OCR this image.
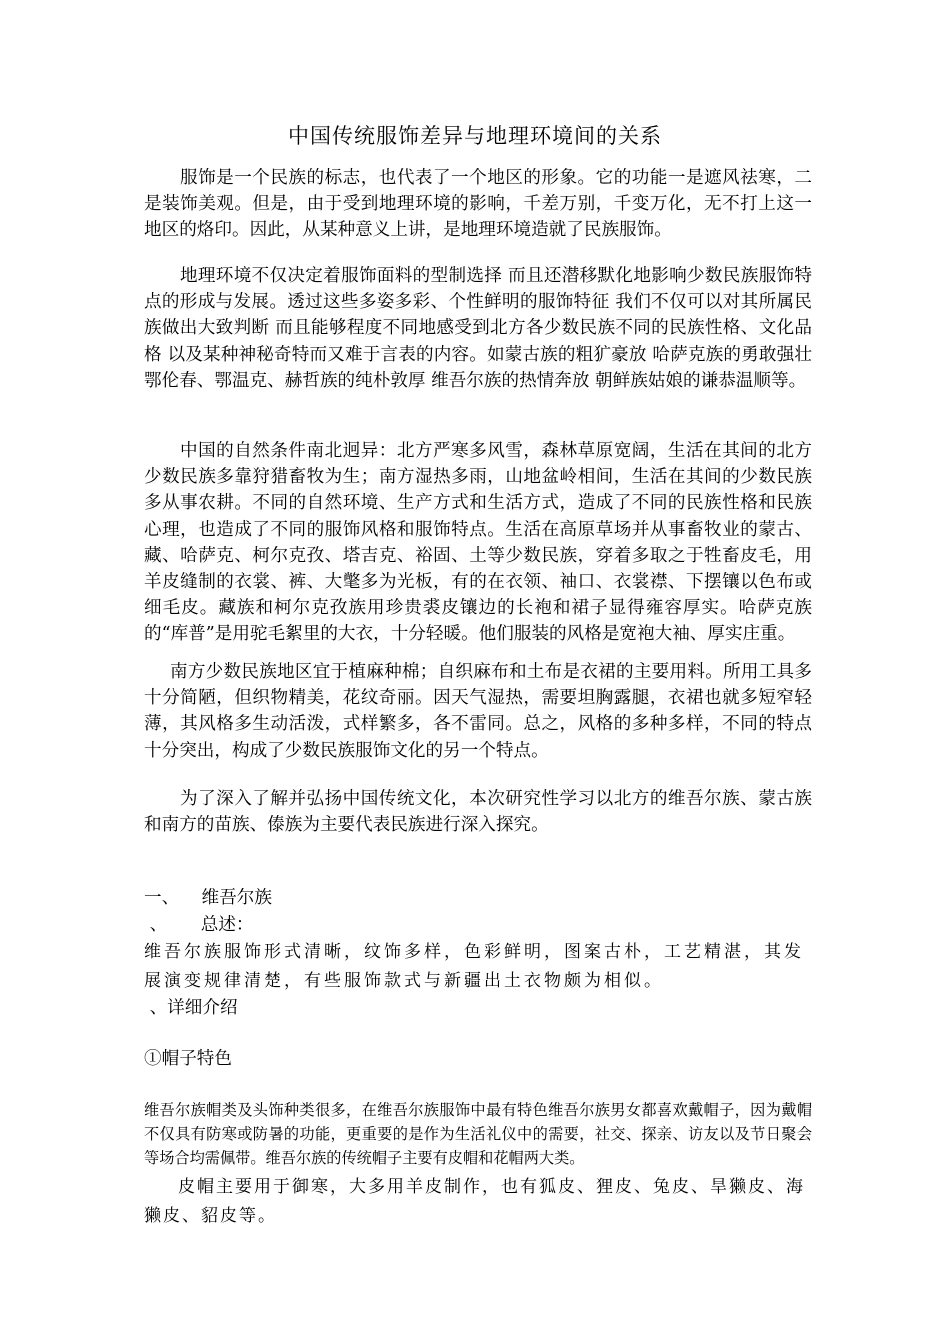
中国传统服饰差异与地理环境间的关系

服饰是一个民族的标志，也代表了一个地区的形象。它的功能一是遮风祛寒，二是装饰美观。但是，由于受到地理环境的影响，千差万别，千变万化，无不打上这一地区的烙印。因此，从某种意义上讲，是地理环境造就了民族服饰。

地理环境不仅决定着服饰面料的型制选择 而且还潜移默化地影响少数民族服饰特点的形成与发展。透过这些多姿多彩、个性鲜明的服饰特征 我们不仅可以对其所属民族做出大致判断 而且能够程度不同地感受到北方各少数民族不同的民族性格、文化品格 以及某种神秘奇特而又难于言表的内容。如蒙古族的粗犷豪放 哈萨克族的勇敢强壮 鄂伦春、鄂温克、赫哲族的纯朴敦厚 维吾尔族的热情奔放 朝鲜族姑娘的谦恭温顺等。

中国的自然条件南北迥异：北方严寒多风雪，森林草原宽阔，生活在其间的北方少数民族多靠狩猎畜牧为生；南方湿热多雨，山地盆岭相间，生活在其间的少数民族多从事农耕。不同的自然环境、生产方式和生活方式，造成了不同的民族性格和民族心理，也造成了不同的服饰风格和服饰特点。生活在高原草场并从事畜牧业的蒙古、藏、哈萨克、柯尔克孜、塔吉克、裕固、土等少数民族，穿着多取之于牲畜皮毛，用羊皮缝制的衣裳、裤、大氅多为光板，有的在衣领、袖口、衣裳襟、下摆镶以色布或细毛皮。藏族和柯尔克孜族用珍贵裘皮镶边的长袍和裙子显得雍容厚实。哈萨克族的“库普”是用驼毛絮里的大衣，十分轻暖。他们服装的风格是宽袍大袖、厚实庄重。

南方少数民族地区宜于植麻种棉；自织麻布和土布是衣裙的主要用料。所用工具多十分简陋，但织物精美，花纹奇丽。因天气湿热，需要坦胸露腿，衣裙也就多短窄轻薄，其风格多生动活泼，式样繁多，各不雷同。总之，风格的多种多样，不同的特点十分突出，构成了少数民族服饰文化的另一个特点。

为了深入了解并弘扬中国传统文化，本次研究性学习以北方的维吾尔族、蒙古族和南方的苗族、傣族为主要代表民族进行深入探究。

一、    维吾尔族

、      总述：

维吾尔族服饰形式清晰，纹饰多样，色彩鲜明，图案古朴，工艺精湛，其发展演变规律清楚，有些服饰款式与新疆出土衣物颇为相似。

、详细介绍

①帽子特色

维吾尔族帽类及头饰种类很多，在维吾尔族服饰中最有特色维吾尔族男女都喜欢戴帽子，因为戴帽不仅具有防寒或防暑的功能，更重要的是作为生活礼仪中的需要，社交、探亲、访友以及节日聚会等场合均需佩带。维吾尔族的传统帽子主要有皮帽和花帽两大类。

皮帽主要用于御寒，大多用羊皮制作，也有狐皮、狸皮、兔皮、旱獭皮、海獭皮、貂皮等。
